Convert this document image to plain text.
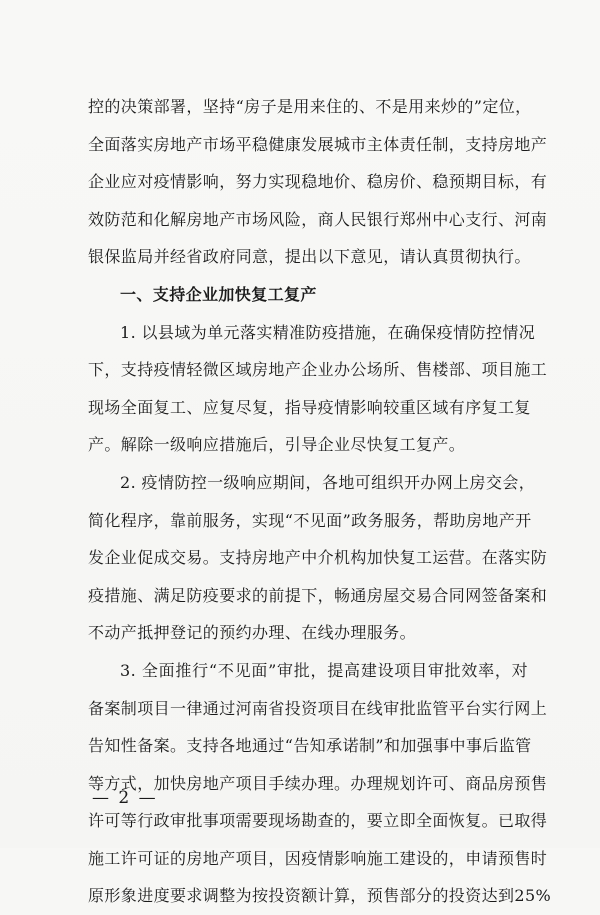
控的决策部署，坚持“房子是用来住的、不是用来炒的”定位，
全面落实房地产市场平稳健康发展城市主体责任制，支持房地产
企业应对疫情影响，努力实现稳地价、稳房价、稳预期目标，有
效防范和化解房地产市场风险，商人民银行郑州中心支行、河南
银保监局并经省政府同意，提出以下意见，请认真贯彻执行。
一、支持企业加快复工复产
1. 以县域为单元落实精准防疫措施，在确保疫情防控情况
下，支持疫情轻微区域房地产企业办公场所、售楼部、项目施工
现场全面复工、应复尽复，指导疫情影响较重区域有序复工复
产。解除一级响应措施后，引导企业尽快复工复产。
2. 疫情防控一级响应期间，各地可组织开办网上房交会，
简化程序，靠前服务，实现“不见面”政务服务，帮助房地产开
发企业促成交易。支持房地产中介机构加快复工运营。在落实防
疫措施、满足防疫要求的前提下，畅通房屋交易合同网签备案和
不动产抵押登记的预约办理、在线办理服务。
3. 全面推行“不见面”审批，提高建设项目审批效率，对
备案制项目一律通过河南省投资项目在线审批监管平台实行网上
告知性备案。支持各地通过“告知承诺制”和加强事中事后监管
等方式，加快房地产项目手续办理。办理规划许可、商品房预售
许可等行政审批事项需要现场勘查的，要立即全面恢复。已取得
施工许可证的房地产项目，因疫情影响施工建设的，申请预售时
原形象进度要求调整为按投资额计算，预售部分的投资达到25%
— 2 —
